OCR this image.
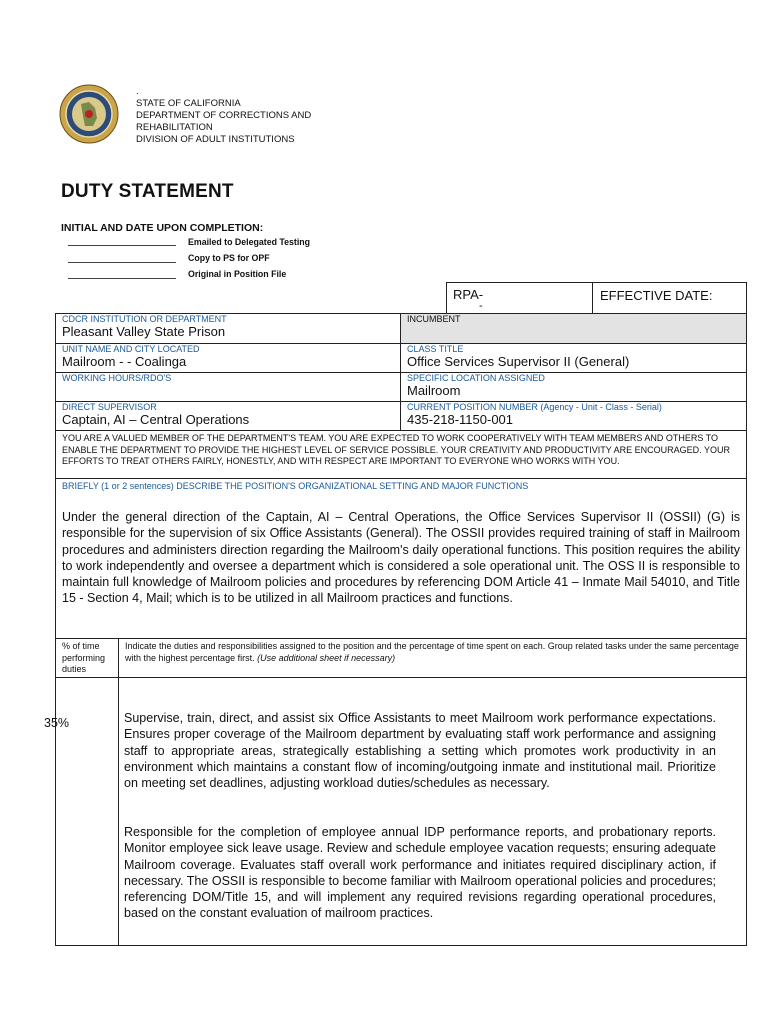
.
STATE OF CALIFORNIA
DEPARTMENT OF CORRECTIONS AND
REHABILITATION
DIVISION OF ADULT INSTITUTIONS
DUTY STATEMENT
INITIAL AND DATE UPON COMPLETION:
Emailed to Delegated Testing
Copy to PS for OPF
Original in Position File
RPA-
-
EFFECTIVE DATE:
CDCR INSTITUTION OR DEPARTMENT
Pleasant Valley State Prison
INCUMBENT
UNIT NAME AND CITY LOCATED
Mailroom - - Coalinga
CLASS TITLE
Office Services Supervisor II (General)
WORKING HOURS/RDO'S	SPECIFIC LOCATION ASSIGNED
Mailroom
DIRECT SUPERVISOR
Captain, AI – Central Operations
CURRENT POSITION NUMBER (Agency - Unit - Class - Serial)
435-218-1150-001
YOU ARE A VALUED MEMBER OF THE DEPARTMENT'S TEAM. YOU ARE EXPECTED TO WORK COOPERATIVELY WITH TEAM MEMBERS AND OTHERS TO ENABLE THE DEPARTMENT TO PROVIDE THE HIGHEST LEVEL OF SERVICE POSSIBLE. YOUR CREATIVITY AND PRODUCTIVITY ARE ENCOURAGED. YOUR EFFORTS TO TREAT OTHERS FAIRLY, HONESTLY, AND WITH RESPECT ARE IMPORTANT TO EVERYONE WHO WORKS WITH YOU.
BRIEFLY (1 or 2 sentences) DESCRIBE THE POSITION'S ORGANIZATIONAL SETTING AND MAJOR FUNCTIONS
Under the general direction of the Captain, AI – Central Operations, the Office Services Supervisor II (OSSII) (G) is responsible for the supervision of six Office Assistants (General). The OSSII provides required training of staff in Mailroom procedures and administers direction regarding the Mailroom's daily operational functions. This position requires the ability to work independently and oversee a department which is considered a sole operational unit. The OSS II is responsible to maintain full knowledge of Mailroom policies and procedures by referencing DOM Article 41 – Inmate Mail 54010, and Title 15 - Section 4, Mail; which is to be utilized in all Mailroom practices and functions.
% of time performing duties
Indicate the duties and responsibilities assigned to the position and the percentage of time spent on each. Group related tasks under the same percentage with the highest percentage first. (Use additional sheet if necessary)
35%	Supervise, train, direct, and assist six Office Assistants to meet Mailroom work performance expectations. Ensures proper coverage of the Mailroom department by evaluating staff work performance and assigning staff to appropriate areas, strategically establishing a setting which promotes work productivity in an environment which maintains a constant flow of incoming/outgoing inmate and institutional mail. Prioritize on meeting set deadlines, adjusting workload duties/schedules as necessary.
Responsible for the completion of employee annual IDP performance reports, and probationary reports. Monitor employee sick leave usage. Review and schedule employee vacation requests; ensuring adequate Mailroom coverage. Evaluates staff overall work performance and initiates required disciplinary action, if necessary. The OSSII is responsible to become familiar with Mailroom operational policies and procedures; referencing DOM/Title 15, and will implement any required revisions regarding operational procedures, based on the constant evaluation of mailroom practices.
